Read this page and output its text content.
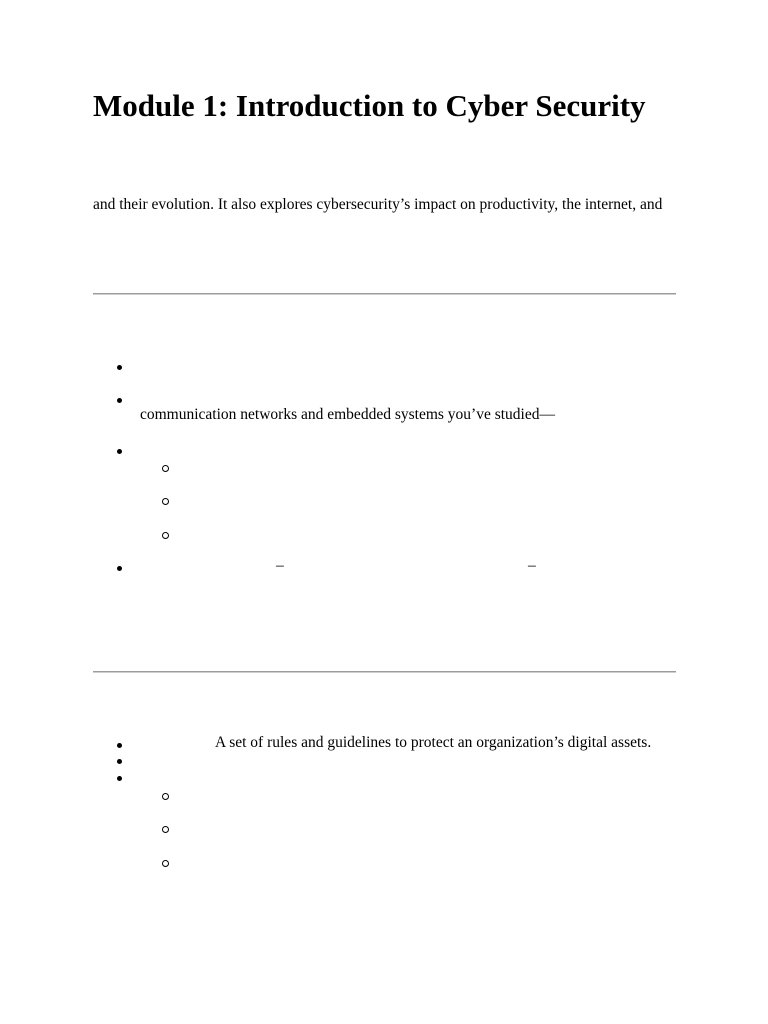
Module 1: Introduction to Cyber Security

and their evolution. It also explores cybersecurity’s impact on productivity, the internet, and

communication networks and embedded systems you’ve studied—
–	–
A set of rules and guidelines to protect an organization’s digital assets.
